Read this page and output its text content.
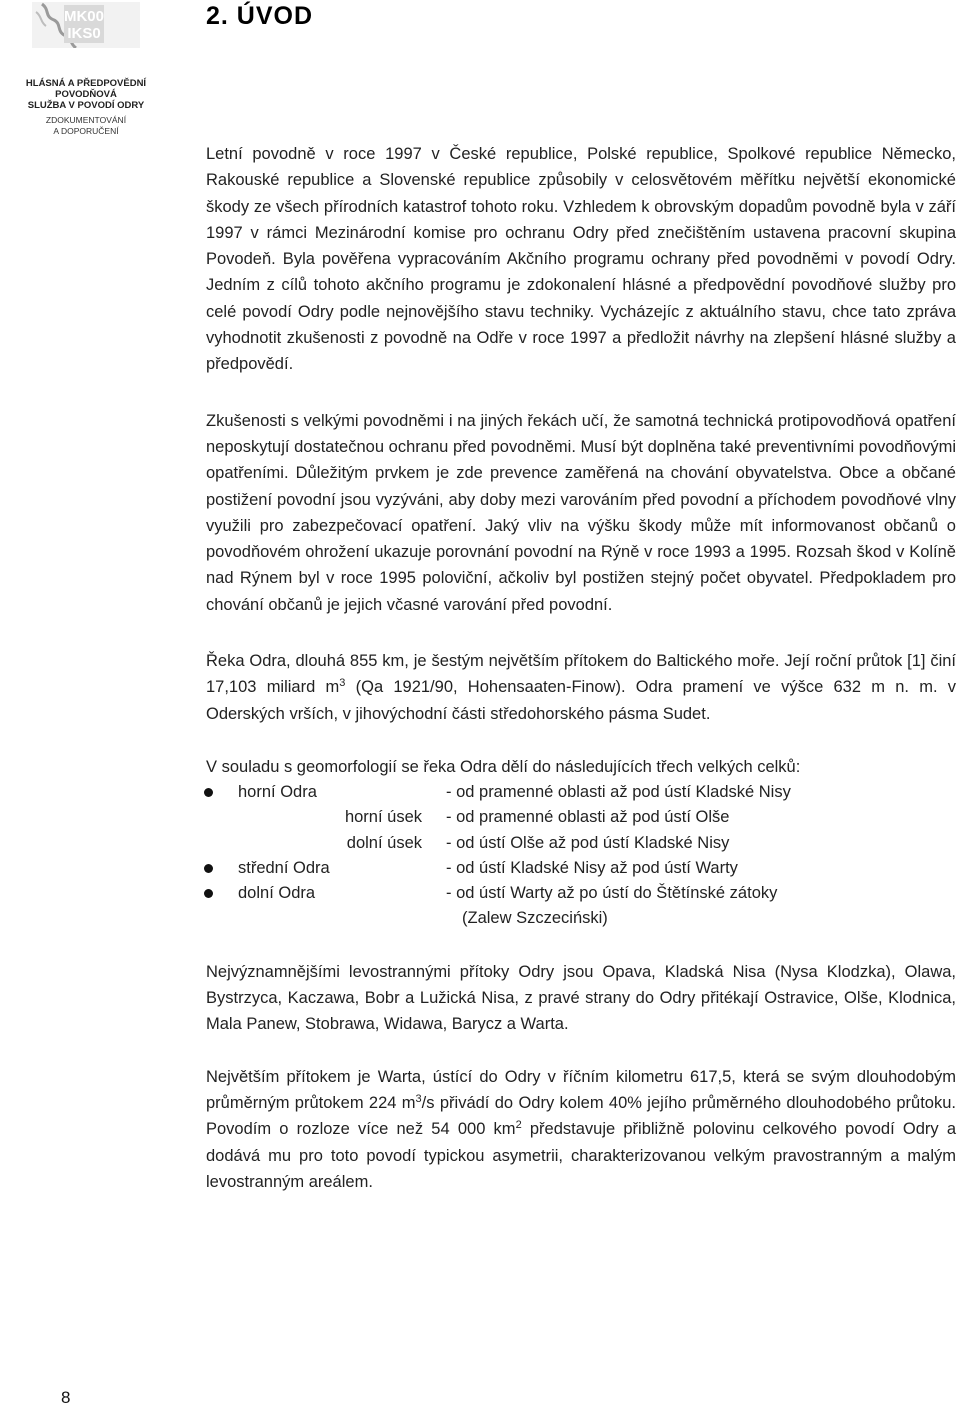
MK00
IKS0
HLÁSNÁ A PŘEDPOVĚDNÍ
POVODŇOVÁ
SLUŽBA V POVODÍ ODRY
ZDOKUMENTOVÁNÍ
A DOPORUČENÍ
2. ÚVOD

Letní povodně v roce 1997 v České republice, Polské republice, Spolkové republice Německo, Rakouské republice a Slovenské republice způsobily v celosvětovém měřítku největší ekonomické škody ze všech přírodních katastrof tohoto roku. Vzhledem k obrovským dopadům povodně byla v září 1997 v rámci Mezinárodní komise pro ochranu Odry před znečištěním ustavena pracovní skupina Povodeň. Byla pověřena vypracováním Akčního programu ochrany před povodněmi v povodí Odry. Jedním z cílů tohoto akčního programu je zdokonalení hlásné a předpovědní povodňové služby pro celé povodí Odry podle nejnovějšího stavu techniky. Vycházejíc z aktuálního stavu, chce tato zpráva vyhodnotit zkušenosti z povodně na Odře v roce 1997 a předložit návrhy na zlepšení hlásné služby a předpovědí.

Zkušenosti s velkými povodněmi i na jiných řekách učí, že samotná technická protipovodňová opatření neposkytují dostatečnou ochranu před povodněmi. Musí být doplněna také preventivními povodňovými opatřeními. Důležitým prvkem je zde prevence zaměřená na chování obyvatelstva. Obce a občané postižení povodní jsou vyzýváni, aby doby mezi varováním před povodní a příchodem povodňové vlny využili pro zabezpečovací opatření. Jaký vliv na výšku škody může mít informovanost občanů o povodňovém ohrožení ukazuje porovnání povodní na Rýně v roce 1993 a 1995. Rozsah škod v Kolíně nad Rýnem byl v roce 1995 poloviční, ačkoliv byl postižen stejný počet obyvatel. Předpokladem pro chování občanů je jejich včasné varování před povodní.

Řeka Odra, dlouhá 855 km, je šestým největším přítokem do Baltického moře. Její roční průtok [1] činí 17,103 miliard $m^3$ (Qa 1921/90, Hohensaaten-Finow). Odra pramení ve výšce 632 m n. m. v Oderských vrších, v jihovýchodní části středohorského pásma Sudet.

V souladu s geomorfologií se řeka Odra dělí do následujících třech velkých celků:

horní Odra	- od pramenné oblasti až pod ústí Kladské Nisy
horní úsek - od pramenné oblasti až pod ústí Olše
dolní úsek - od ústí Olše až pod ústí Kladské Nisy
střední Odra	- od ústí Kladské Nisy až pod ústí Warty
dolní Odra	- od ústí Warty až po ústí do Štětínské zátoky
(Zalew Szczeciński)

Nejvýznamnějšími levostrannými přítoky Odry jsou Opava, Kladská Nisa (Nysa Klodzka), Olawa, Bystrzyca, Kaczawa, Bobr a Lužická Nisa, z pravé strany do Odry přitékají Ostravice, Olše, Klodnica, Mala Panew, Stobrawa, Widawa, Barycz a Warta.

Největším přítokem je Warta, ústící do Odry v říčním kilometru 617,5, která se svým dlouhodobým průměrným průtokem 224 $m^3/s$ přivádí do Odry kolem 40% jejího průměrného dlouhodobého průtoku. Povodím o rozloze více než 54 000 $km^2$ představuje přibližně polovinu celkového povodí Odry a dodává mu pro toto povodí typickou asymetrii, charakterizovanou velkým pravostranným a malým levostranným areálem.

8
